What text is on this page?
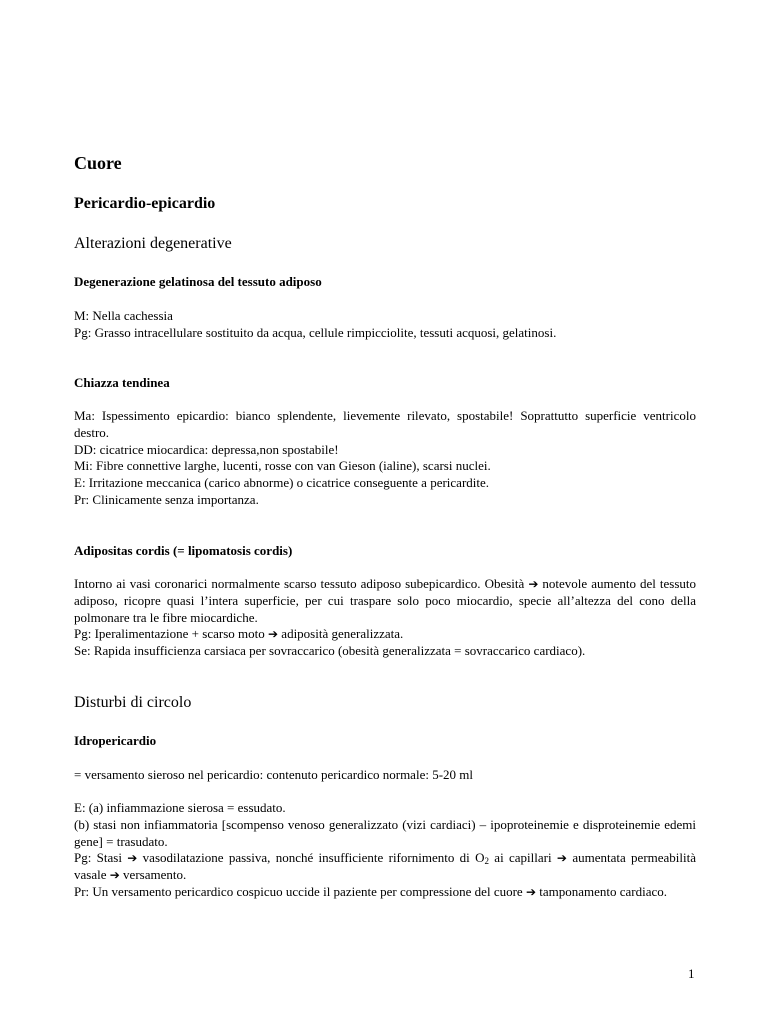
Cuore
Pericardio-epicardio
Alterazioni degenerative
Degenerazione gelatinosa del tessuto adiposo

M: Nella cachessia
Pg: Grasso intracellulare sostituito da acqua, cellule rimpicciolite, tessuti acquosi, gelatinosi.

Chiazza tendinea

Ma: Ispessimento epicardio: bianco splendente, lievemente rilevato, spostabile! Soprattutto superficie ventricolo destro.
DD: cicatrice miocardica: depressa,non spostabile!
Mi: Fibre connettive larghe, lucenti, rosse con van Gieson (ialine), scarsi nuclei.
E: Irritazione meccanica (carico abnorme) o cicatrice conseguente a pericardite.
Pr: Clinicamente senza importanza.

Adipositas cordis (= lipomatosis cordis)

Intorno ai vasi coronarici normalmente scarso tessuto adiposo subepicardico. Obesità ➔ notevole aumento del tessuto adiposo, ricopre quasi l’intera superficie, per cui traspare solo poco miocardio, specie all’altezza del cono della polmonare tra le fibre miocardiche.
Pg: Iperalimentazione + scarso moto ➔ adiposità generalizzata.
Se: Rapida insufficienza carsiaca per sovraccarico (obesità generalizzata = sovraccarico cardiaco).

Disturbi di circolo
Idropericardio

= versamento sieroso nel pericardio: contenuto pericardico normale: 5-20 ml

E: (a) infiammazione sierosa = essudato.
(b) stasi non infiammatoria [scompenso venoso generalizzato (vizi cardiaci) – ipoproteinemie e disproteinemie edemi gene] = trasudato.
Pg: Stasi ➔ vasodilatazione passiva, nonché insufficiente rifornimento di $O_2$ ai capillari ➔ aumentata permeabilità vasale ➔ versamento.
Pr: Un versamento pericardico cospicuo uccide il paziente per compressione del cuore ➔ tamponamento cardiaco.

1
